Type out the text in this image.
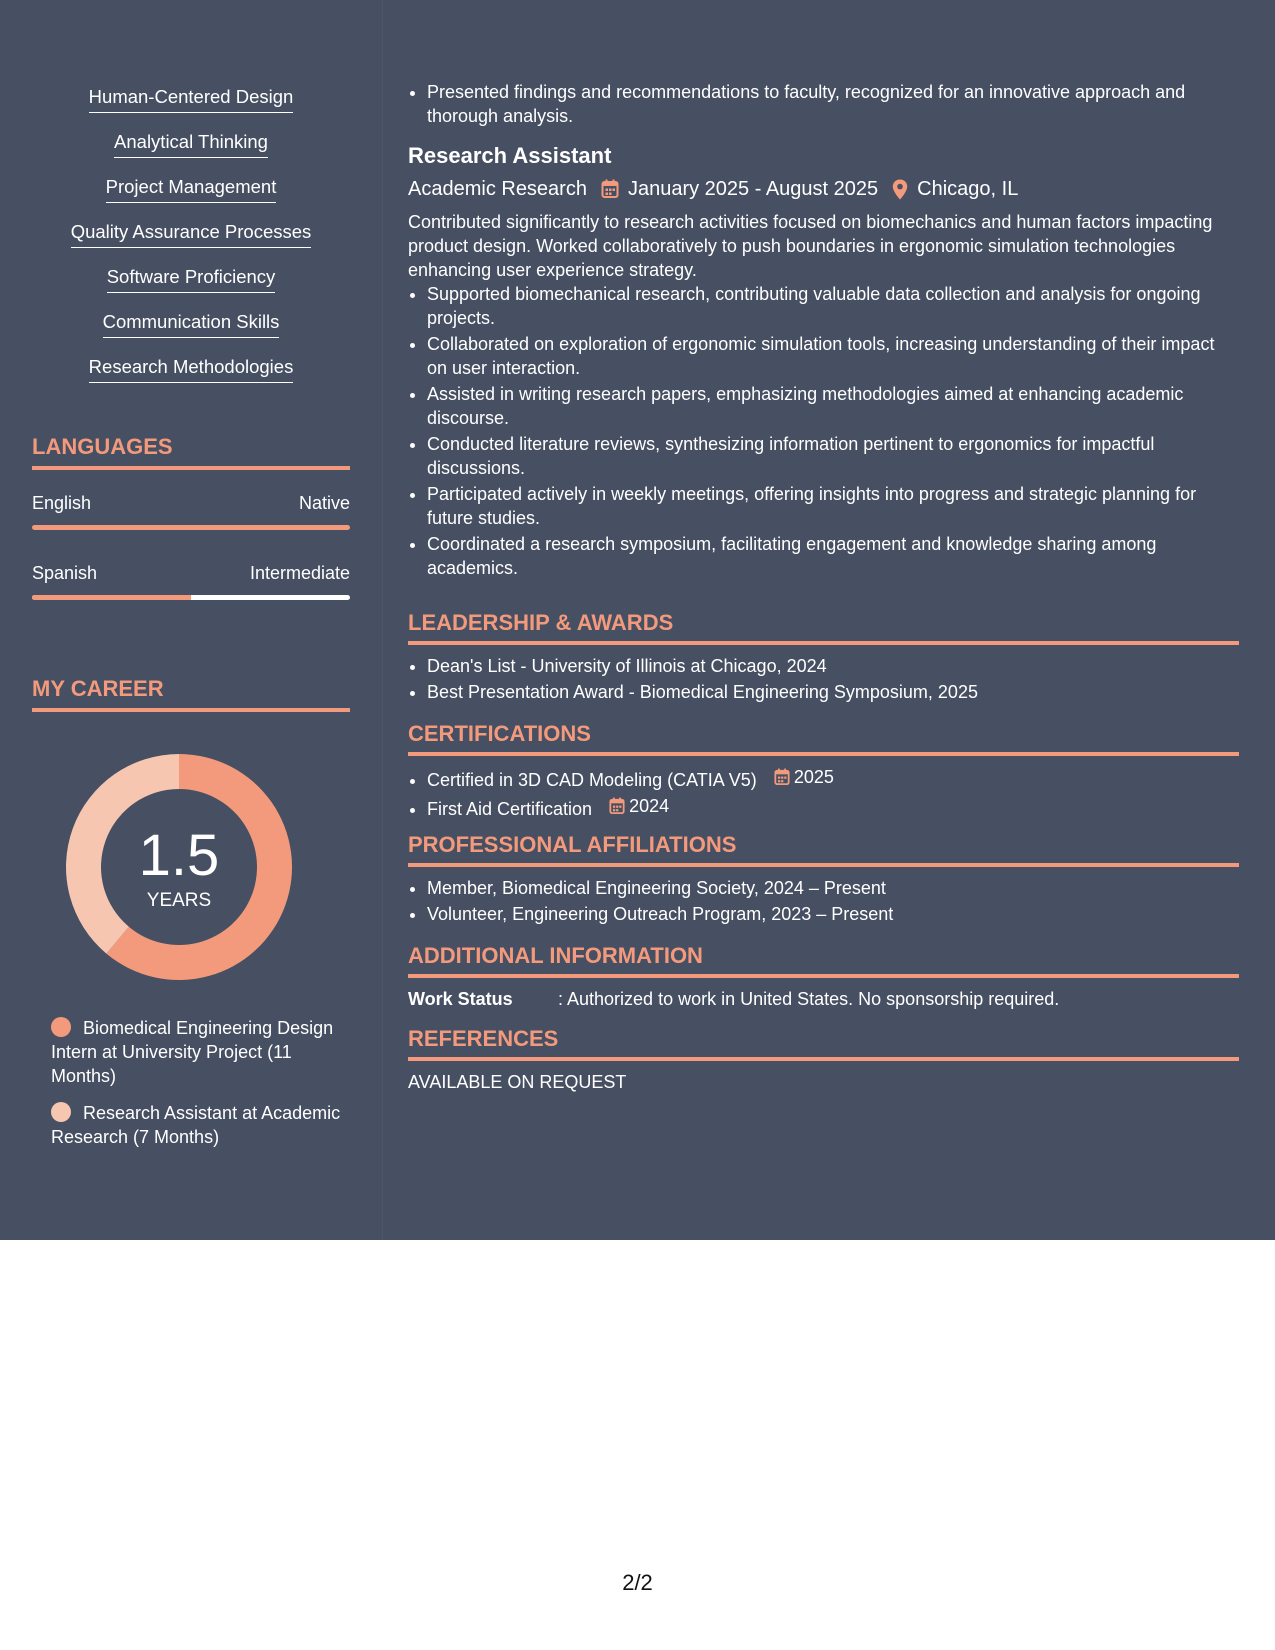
Human-Centered Design
Analytical Thinking
Project Management
Quality Assurance Processes
Software Proficiency
Communication Skills
Research Methodologies
LANGUAGES
English	Native
Spanish	Intermediate
MY CAREER
1.5
YEARS
Biomedical Engineering Design Intern at University Project (11 Months)
Research Assistant at Academic Research (7 Months)
• Presented findings and recommendations to faculty, recognized for an innovative approach and thorough analysis.
Research Assistant
Academic Research January 2025 - August 2025 Chicago, IL
Contributed significantly to research activities focused on biomechanics and human factors impacting product design. Worked collaboratively to push boundaries in ergonomic simulation technologies enhancing user experience strategy.
• Supported biomechanical research, contributing valuable data collection and analysis for ongoing projects.
• Collaborated on exploration of ergonomic simulation tools, increasing understanding of their impact on user interaction.
• Assisted in writing research papers, emphasizing methodologies aimed at enhancing academic discourse.
• Conducted literature reviews, synthesizing information pertinent to ergonomics for impactful discussions.
• Participated actively in weekly meetings, offering insights into progress and strategic planning for future studies.
• Coordinated a research symposium, facilitating engagement and knowledge sharing among academics.
LEADERSHIP & AWARDS
• Dean's List - University of Illinois at Chicago, 2024
• Best Presentation Award - Biomedical Engineering Symposium, 2025
CERTIFICATIONS
• Certified in 3D CAD Modeling (CATIA V5) 2025
• First Aid Certification 2024
PROFESSIONAL AFFILIATIONS
• Member, Biomedical Engineering Society, 2024 – Present
• Volunteer, Engineering Outreach Program, 2023 – Present
ADDITIONAL INFORMATION
Work Status	: Authorized to work in United States. No sponsorship required.
REFERENCES
AVAILABLE ON REQUEST
2/2
